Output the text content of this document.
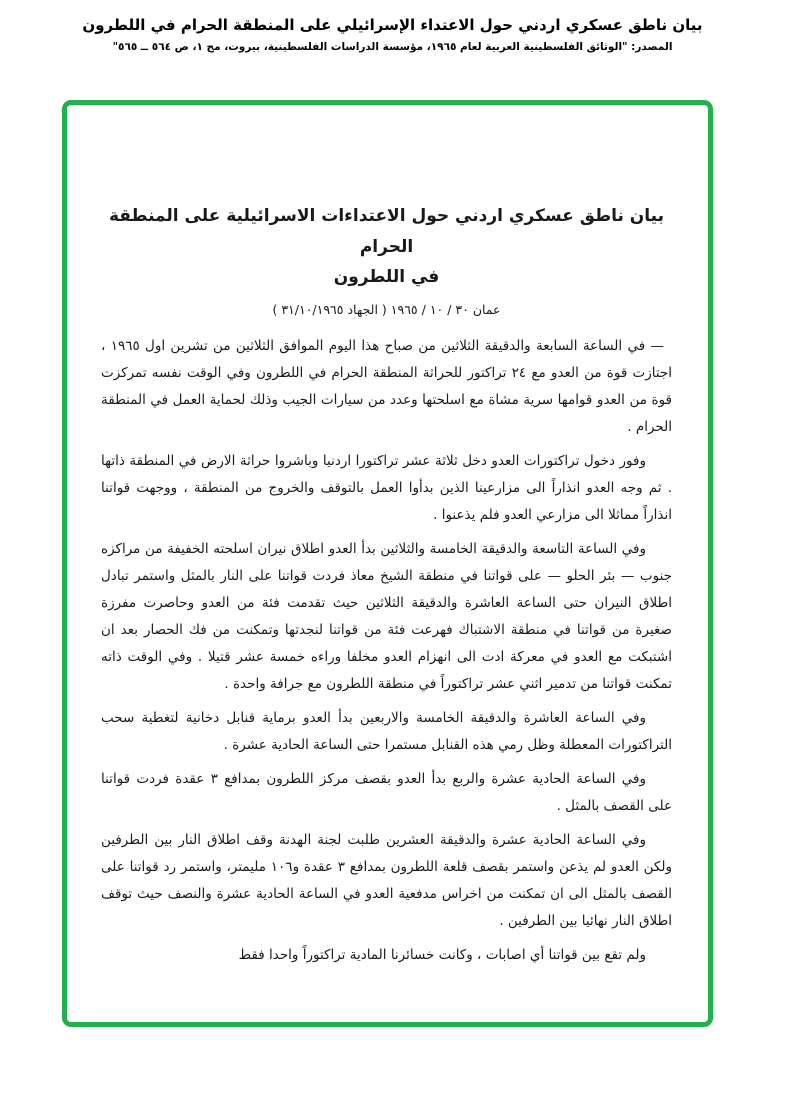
بيان ناطق عسكري اردني حول الاعتداء الإسرائيلي على المنطقة الحرام في اللطرون
المصدر: "الوثائق الفلسطينية العربية لعام ١٩٦٥، مؤسسة الدراسات الفلسطينية، بيروت، مج ١، ص ٥٦٤ ــ ٥٦٥"
بيان ناطق عسكري اردني حول الاعتداءات الاسرائيلية على المنطقة الحرام
في اللطرون
عمان ٣٠ / ١٠ / ١٩٦٥ ( الجهاد ٣١/١٠/١٩٦٥ )

— في الساعة السابعة والدقيقة الثلاثين من صباح هذا اليوم الموافق الثلاثين من تشرين اول ١٩٦٥ ، اجتازت قوة من العدو مع ٢٤ تراكتور للحراثة المنطقة الحرام في اللطرون وفي الوقت نفسه تمركزت قوة من العدو قوامها سرية مشاة مع اسلحتها وعدد من سيارات الجيب وذلك لحماية العمل في المنطقة الحرام .

وفور دخول تراكتورات العدو دخل ثلاثة عشر تراكتورا اردنيا وباشروا حراثة الارض في المنطقة ذاتها . ثم وجه العدو انذاراً الى مزارعينا الذين بدأوا العمل بالتوقف والخروج من المنطقة ، ووجهت قواتنا انذاراً مماثلا الى مزارعي العدو فلم يذعنوا .

وفي الساعة التاسعة والدقيقة الخامسة والثلاثين بدأ العدو اطلاق نيران اسلحته الخفيفة من مراكزه جنوب — بئر الحلو — على قواتنا في منطقة الشيخ معاذ فردت قواتنا على النار بالمثل واستمر تبادل اطلاق النيران حتى الساعة العاشرة والدقيقة الثلاثين حيث تقدمت فئة من العدو وحاصرت مفرزة صغيرة من قواتنا في منطقة الاشتباك فهرعت فئة من قواتنا لنجدتها وتمكنت من فك الحصار بعد ان اشتبكت مع العدو في معركة ادت الى انهزام العدو مخلفا وراءه خمسة عشر قتيلا . وفي الوقت ذاته تمكنت قواتنا من تدمير اثني عشر تراكتوراً في منطقة اللطرون مع جرافة واحدة .

وفي الساعة العاشرة والدقيقة الخامسة والاربعين بدأ العدو برماية قنابل دخانية لتغطية سحب التراكتورات المعطلة وظل رمي هذه القنابل مستمرا حتى الساعة الحادية عشرة .

وفي الساعة الحادية عشرة والربع بدأ العدو بقصف مركز اللطرون بمدافع ٣ عقدة فردت قواتنا على القصف بالمثل .

وفي الساعة الحادية عشرة والدقيقة العشرين طلبت لجنة الهدنة وقف اطلاق النار بين الطرفين ولكن العدو لم يذعن واستمر بقصف قلعة اللطرون بمدافع ٣ عقدة و١٠٦ مليمتر، واستمر رد قواتنا على القصف بالمثل الى ان تمكنت من اخراس مدفعية العدو في الساعة الحادية عشرة والنصف حيث توقف اطلاق النار نهائيا بين الطرفين .

ولم تقع بين قواتنا أي اصابات ، وكانت خسائرنا المادية تراكتوراً واحدا فقط
